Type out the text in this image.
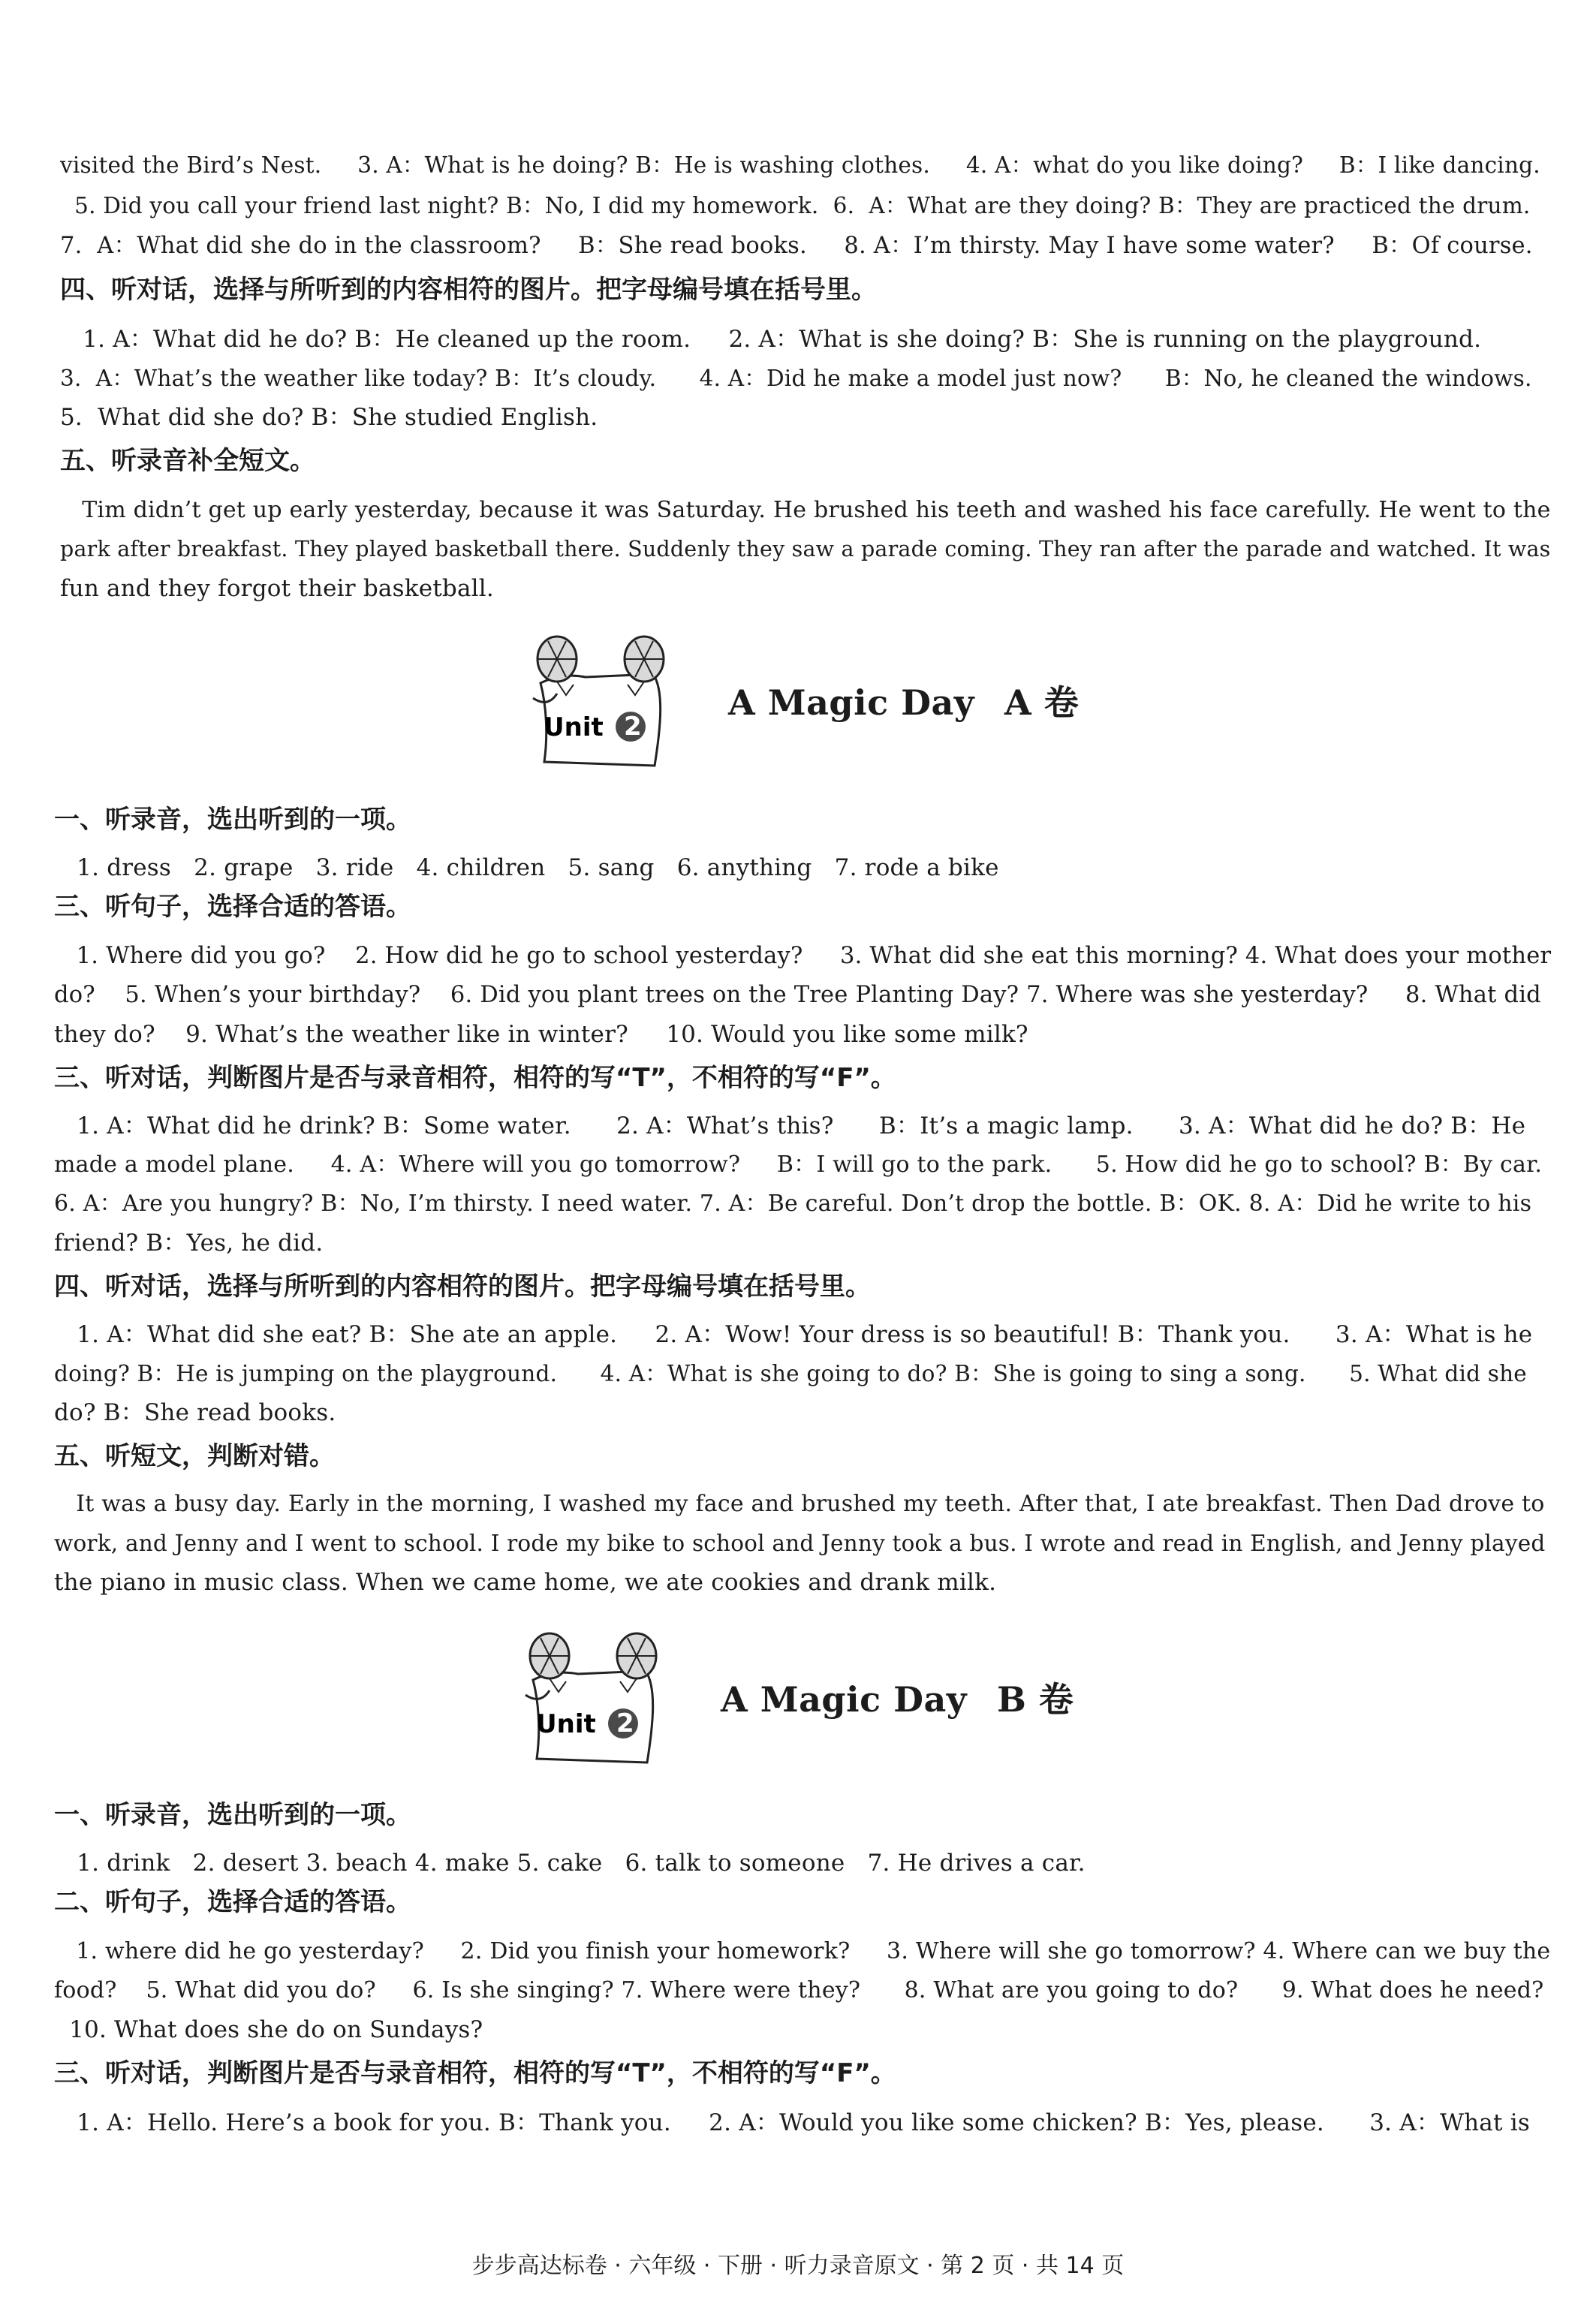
visited the Bird’s Nest.     3. A：What is he doing? B：He is washing clothes.     4. A：what do you like doing?     B：I like dancing.
5. Did you call your friend last night? B：No, I did my homework.  6.  A：What are they doing? B：They are practiced the drum.
7.  A：What did she do in the classroom?     B：She read books.     8. A：I’m thirsty. May I have some water?     B：Of course.
四、听对话，选择与所听到的内容相符的图片。把字母编号填在括号里。
1. A：What did he do? B：He cleaned up the room.     2. A：What is she doing? B：She is running on the playground.
3.  A：What’s the weather like today? B：It’s cloudy.      4. A：Did he make a model just now?      B：No, he cleaned the windows.
5.  What did she do? B：She studied English.
五、听录音补全短文。
Tim didn’t get up early yesterday, because it was Saturday. He brushed his teeth and washed his face carefully. He went to the
park after breakfast. They played basketball there. Suddenly they saw a parade coming. They ran after the parade and watched. It was
fun and they forgot their basketball.
Unit 2
A Magic Day A 卷
一、听录音，选出听到的一项。
1. dress   2. grape   3. ride   4. children   5. sang   6. anything   7. rode a bike
三、听句子，选择合适的答语。
1. Where did you go?    2. How did he go to school yesterday?     3. What did she eat this morning? 4. What does your mother
do?    5. When’s your birthday?    6. Did you plant trees on the Tree Planting Day? 7. Where was she yesterday?     8. What did
they do?    9. What’s the weather like in winter?     10. Would you like some milk?
三、听对话，判断图片是否与录音相符，相符的写“T”，不相符的写“F”。
1. A：What did he drink? B：Some water.      2. A：What’s this?      B：It’s a magic lamp.      3. A：What did he do? B：He
made a model plane.     4. A：Where will you go tomorrow?     B：I will go to the park.      5. How did he go to school? B：By car.
6. A：Are you hungry? B：No, I’m thirsty. I need water. 7. A：Be careful. Don’t drop the bottle. B：OK. 8. A：Did he write to his
friend? B：Yes, he did.
四、听对话，选择与所听到的内容相符的图片。把字母编号填在括号里。
1. A：What did she eat? B：She ate an apple.     2. A：Wow! Your dress is so beautiful! B：Thank you.      3. A：What is he
doing? B：He is jumping on the playground.      4. A：What is she going to do? B：She is going to sing a song.      5. What did she
do? B：She read books.
五、听短文，判断对错。
It was a busy day. Early in the morning, I washed my face and brushed my teeth. After that, I ate breakfast. Then Dad drove to
work, and Jenny and I went to school. I rode my bike to school and Jenny took a bus. I wrote and read in English, and Jenny played
the piano in music class. When we came home, we ate cookies and drank milk.
Unit 2
A Magic Day B 卷
一、听录音，选出听到的一项。
1. drink   2. desert 3. beach 4. make 5. cake   6. talk to someone   7. He drives a car.
二、听句子，选择合适的答语。
1. where did he go yesterday?     2. Did you finish your homework?     3. Where will she go tomorrow? 4. Where can we buy the
food?    5. What did you do?     6. Is she singing? 7. Where were they?      8. What are you going to do?      9. What does he need?
10. What does she do on Sundays?
三、听对话，判断图片是否与录音相符，相符的写“T”，不相符的写“F”。
1. A：Hello. Here’s a book for you. B：Thank you.     2. A：Would you like some chicken? B：Yes, please.      3. A：What is
步步高达标卷 · 六年级 · 下册 · 听力录音原文 · 第 2 页 · 共 14 页
